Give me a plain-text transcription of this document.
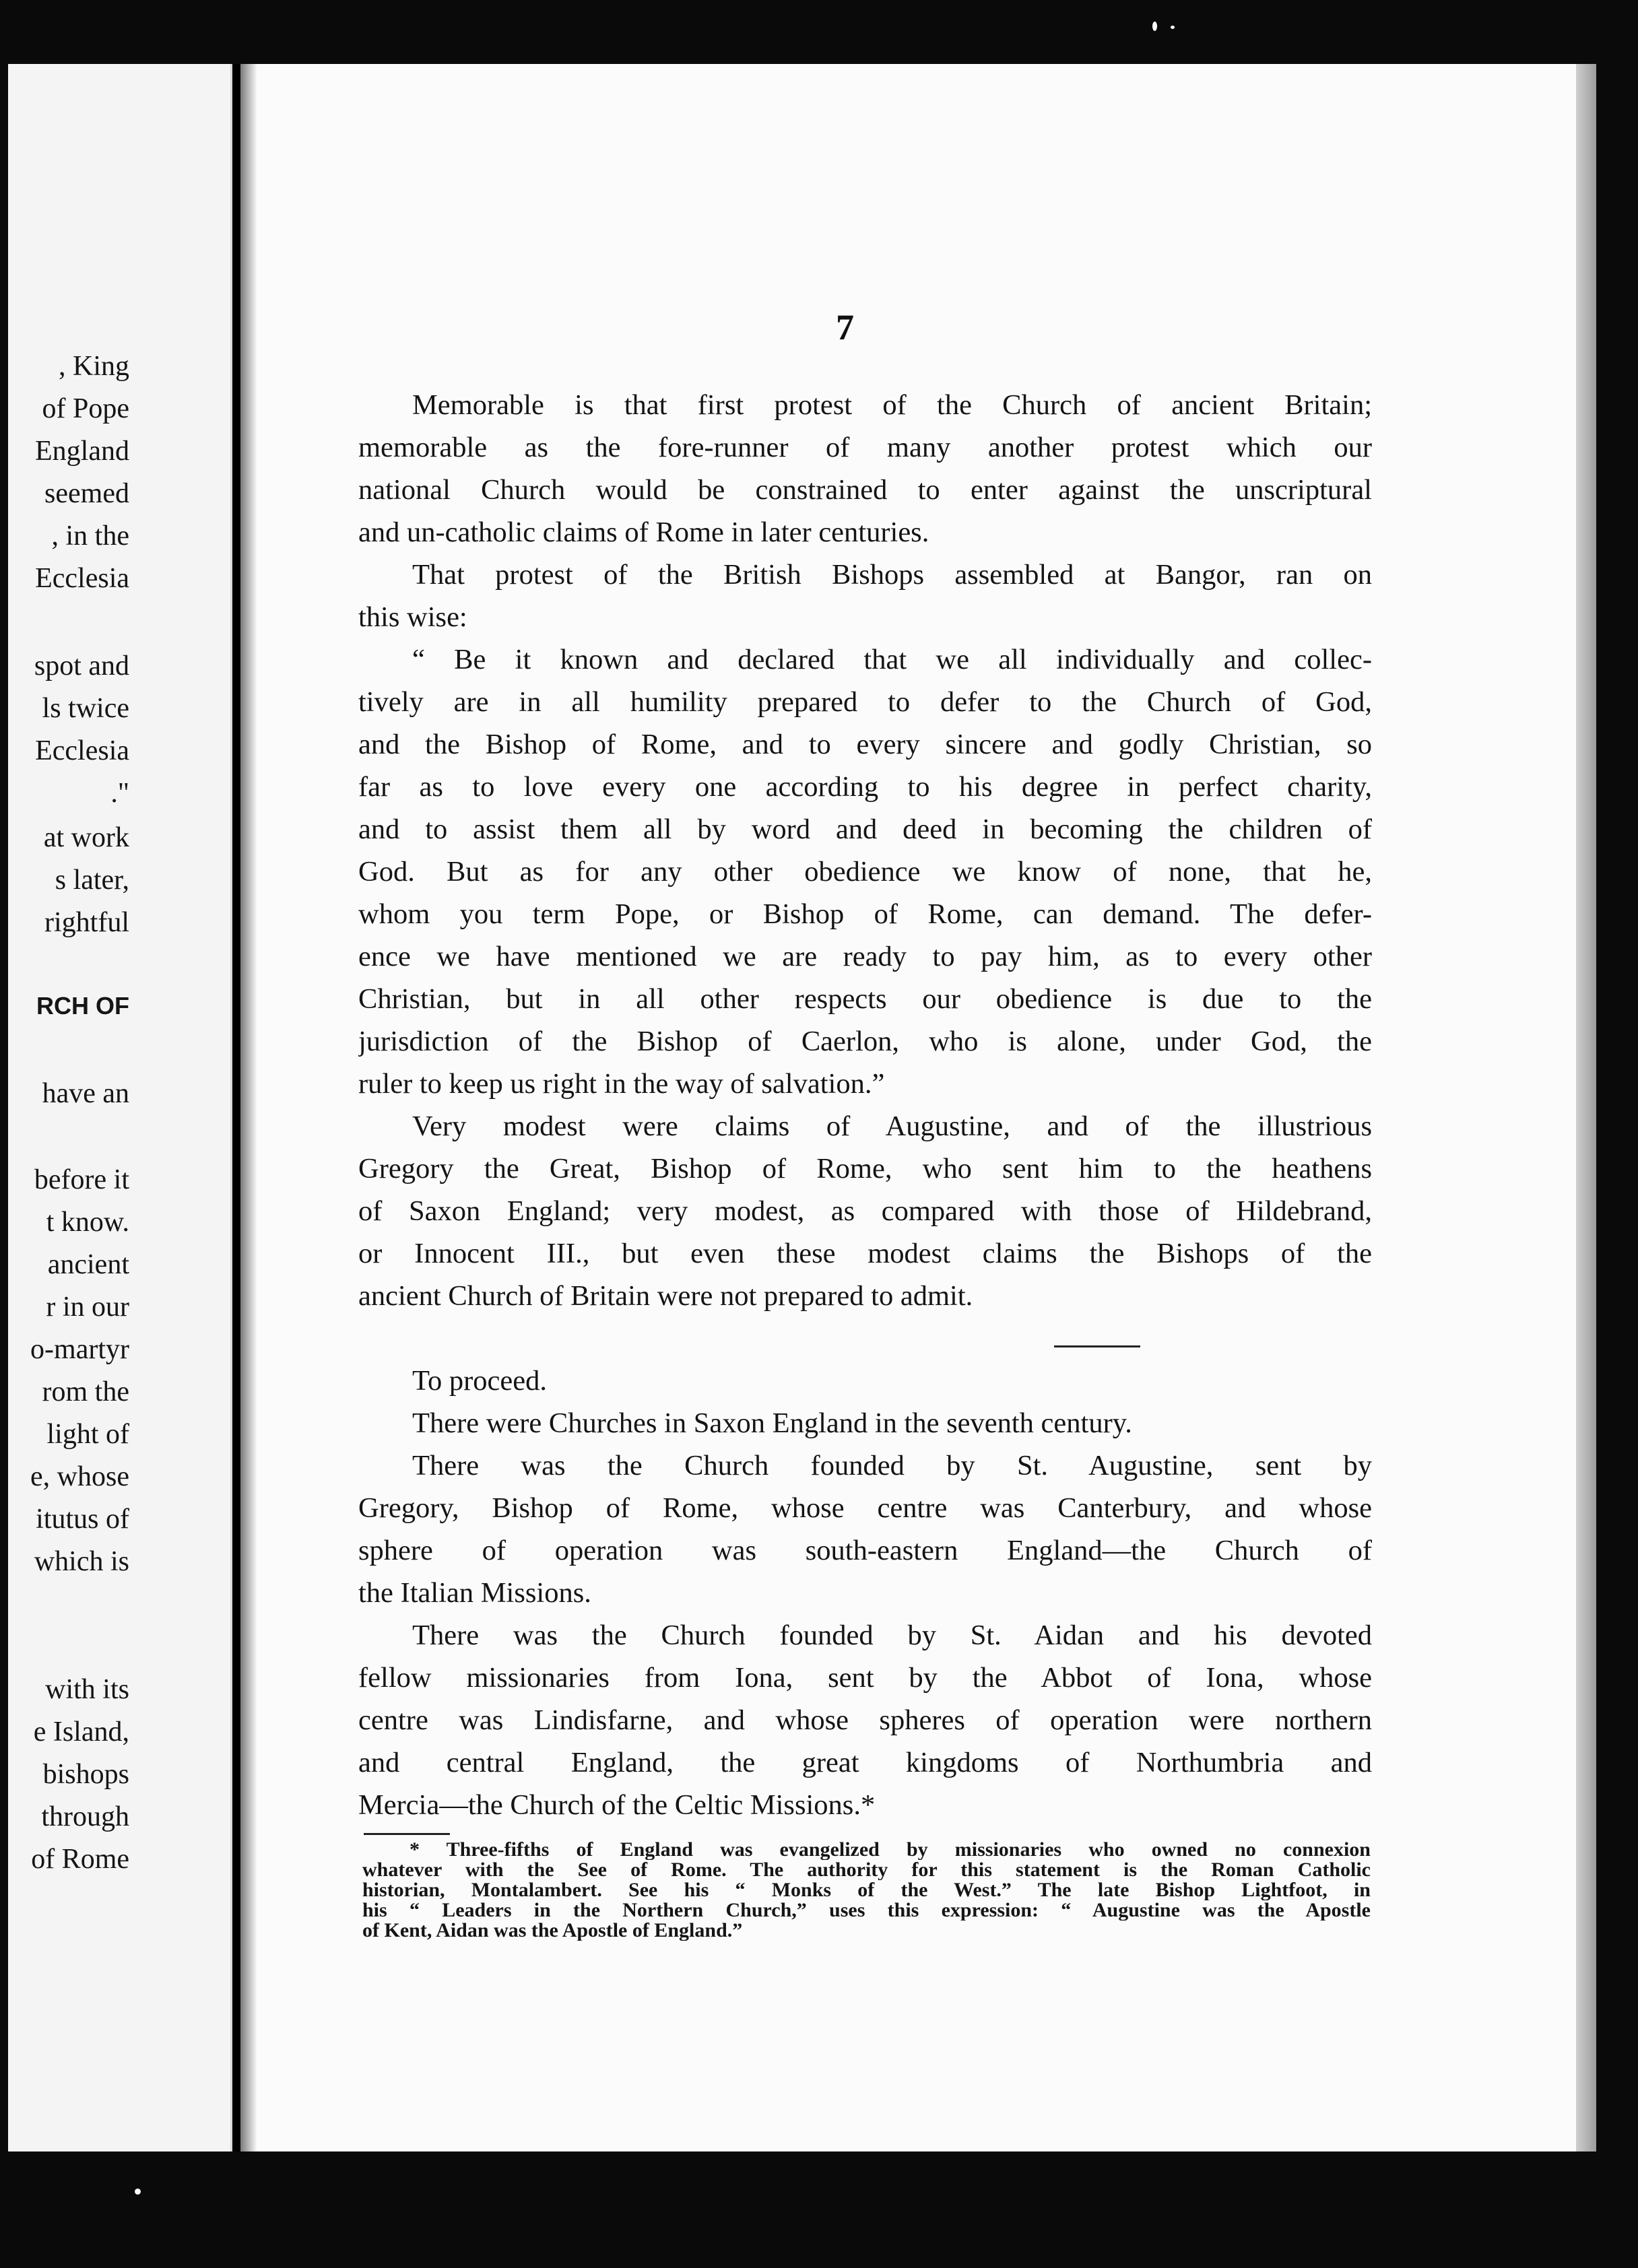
, King
of Pope
England
seemed
, in the
Ecclesia
spot and
ls twice
Ecclesia
."
at work
s later,
rightful
RCH OF
have an
before it
t know.
ancient
r in our
o-martyr
rom the
light of
e, whose
itutus of
which is
with its
e Island,
bishops
through
of Rome
7
Memorable is that first protest of the Church of ancient Britain;
memorable as the fore-runner of many another protest which our
national Church would be constrained to enter against the unscriptural
and un-catholic claims of Rome in later centuries.
That protest of the British Bishops assembled at Bangor, ran on
this wise:
“ Be it known and declared that we all individually and collec-
tively are in all humility prepared to defer to the Church of God,
and the Bishop of Rome, and to every sincere and godly Christian, so
far as to love every one according to his degree in perfect charity,
and to assist them all by word and deed in becoming the children of
God. But as for any other obedience we know of none, that he,
whom you term Pope, or Bishop of Rome, can demand. The defer-
ence we have mentioned we are ready to pay him, as to every other
Christian, but in all other respects our obedience is due to the
jurisdiction of the Bishop of Caerlon, who is alone, under God, the
ruler to keep us right in the way of salvation.”
Very modest were claims of Augustine, and of the illustrious
Gregory the Great, Bishop of Rome, who sent him to the heathens
of Saxon England; very modest, as compared with those of Hildebrand,
or Innocent III., but even these modest claims the Bishops of the
ancient Church of Britain were not prepared to admit.
To proceed.
There were Churches in Saxon England in the seventh century.
There was the Church founded by St. Augustine, sent by
Gregory, Bishop of Rome, whose centre was Canterbury, and whose
sphere of operation was south-eastern England—the Church of
the Italian Missions.
There was the Church founded by St. Aidan and his devoted
fellow missionaries from Iona, sent by the Abbot of Iona, whose
centre was Lindisfarne, and whose spheres of operation were northern
and central England, the great kingdoms of Northumbria and
Mercia—the Church of the Celtic Missions.*
* Three-fifths of England was evangelized by missionaries who owned no connexion
whatever with the See of Rome. The authority for this statement is the Roman Catholic
historian, Montalambert. See his “ Monks of the West.” The late Bishop Lightfoot, in
his “ Leaders in the Northern Church,” uses this expression: “ Augustine was the Apostle
of Kent, Aidan was the Apostle of England.”
